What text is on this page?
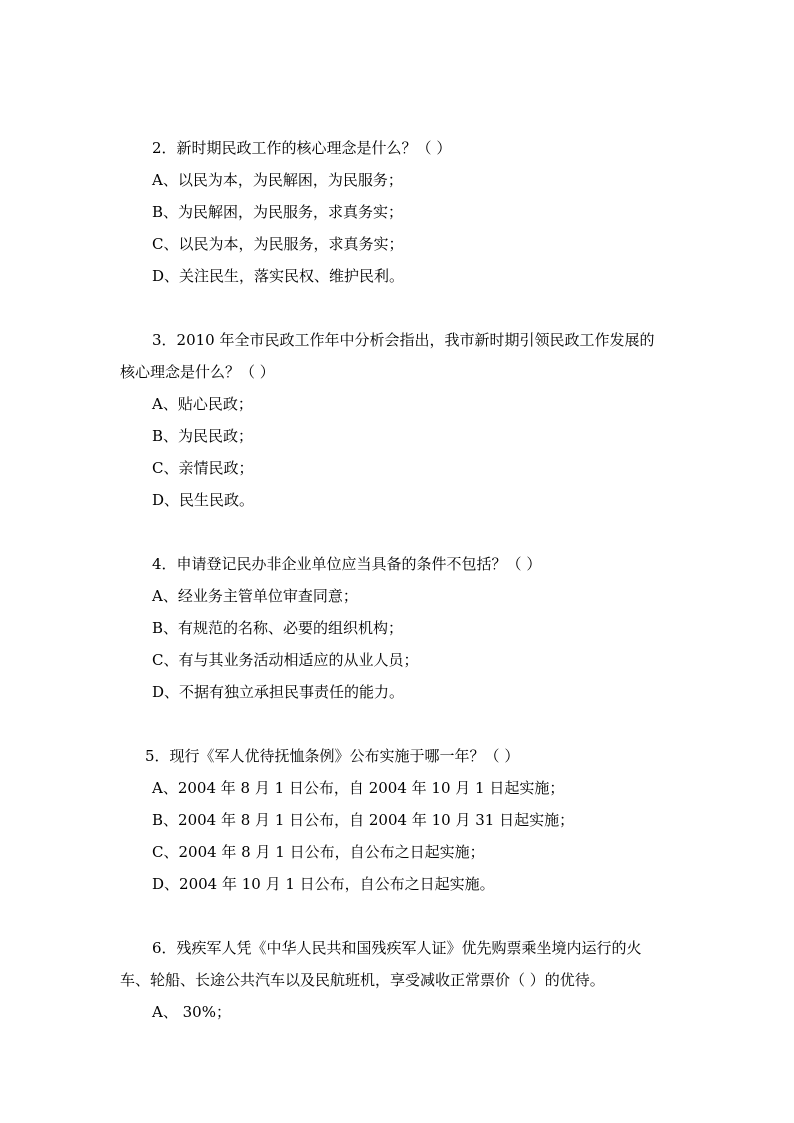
2．新时期民政工作的核心理念是什么？（ ）
A、以民为本，为民解困，为民服务；
B、为民解困，为民服务，求真务实；
C、以民为本，为民服务，求真务实；
D、关注民生，落实民权、维护民利。
3．2010 年全市民政工作年中分析会指出，我市新时期引领民政工作发展的
核心理念是什么？（ ）
A、贴心民政；
B、为民民政；
C、亲情民政；
D、民生民政。
4．申请登记民办非企业单位应当具备的条件不包括？（ ）
A、经业务主管单位审查同意；
B、有规范的名称、必要的组织机构；
C、有与其业务活动相适应的从业人员；
D、不据有独立承担民事责任的能力。
5．现行《军人优待抚恤条例》公布实施于哪一年？（ ）
A、2004 年 8 月 1 日公布，自 2004 年 10 月 1 日起实施；
B、2004 年 8 月 1 日公布，自 2004 年 10 月 31 日起实施；
C、2004 年 8 月 1 日公布，自公布之日起实施；
D、2004 年 10 月 1 日公布，自公布之日起实施。
6．残疾军人凭《中华人民共和国残疾军人证》优先购票乘坐境内运行的火
车、轮船、长途公共汽车以及民航班机，享受减收正常票价（ ）的优待。
A、 30%；
